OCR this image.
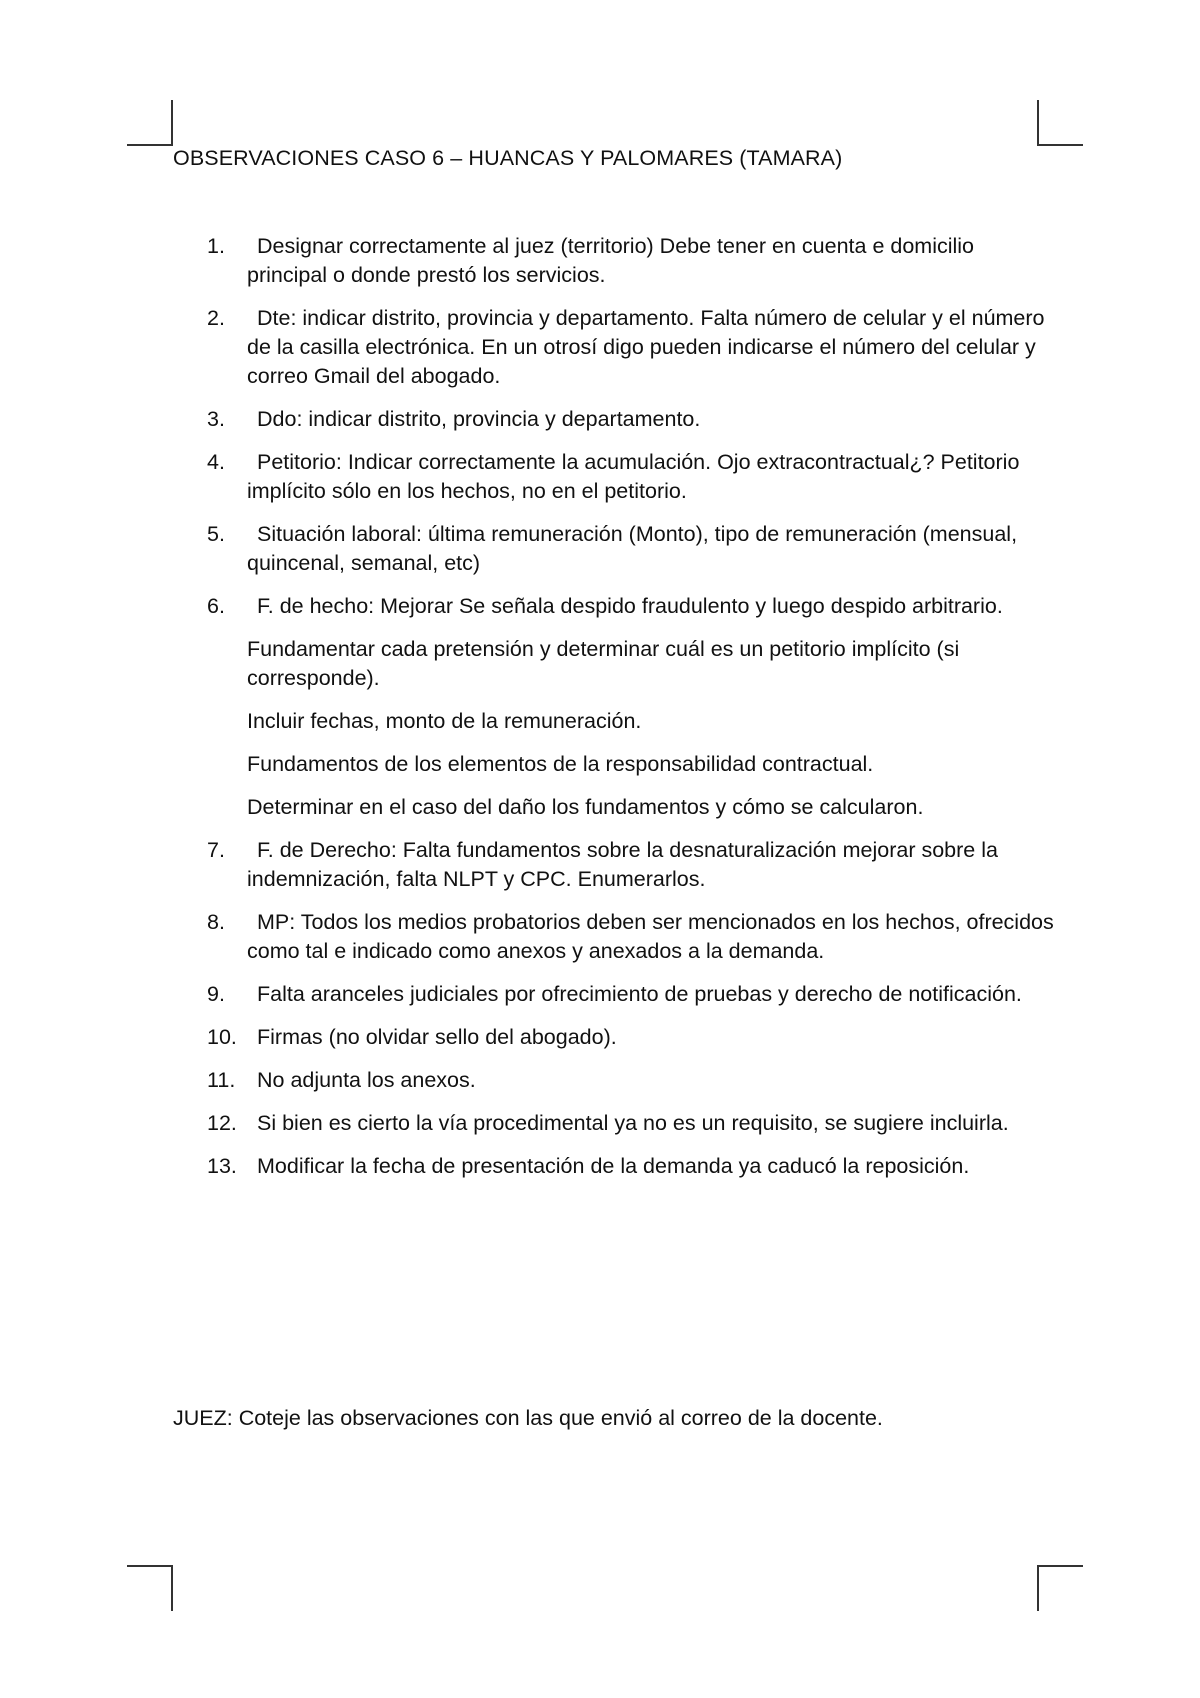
OBSERVACIONES CASO 6 – HUANCAS Y PALOMARES (TAMARA)
1. Designar correctamente al juez (territorio) Debe tener en cuenta e domicilio principal o donde prestó los servicios.
2. Dte: indicar distrito, provincia y departamento. Falta número de celular y el número de la casilla electrónica. En un otrosí digo pueden indicarse el número del celular y correo Gmail del abogado.
3. Ddo: indicar distrito, provincia y departamento.
4. Petitorio: Indicar correctamente la acumulación. Ojo extracontractual¿? Petitorio implícito sólo en los hechos, no en el petitorio.
5. Situación laboral: última remuneración (Monto), tipo de remuneración (mensual, quincenal, semanal, etc)
6. F. de hecho: Mejorar Se señala despido fraudulento y luego despido arbitrario.

Fundamentar cada pretensión y determinar cuál es un petitorio implícito (si corresponde).

Incluir fechas, monto de la remuneración.

Fundamentos de los elementos de la responsabilidad contractual.

Determinar en el caso del daño los fundamentos y cómo se calcularon.

7. F. de Derecho: Falta fundamentos sobre la desnaturalización mejorar sobre la indemnización, falta NLPT y CPC. Enumerarlos.
8. MP: Todos los medios probatorios deben ser mencionados en los hechos, ofrecidos como tal e indicado como anexos y anexados a la demanda.
9. Falta aranceles judiciales por ofrecimiento de pruebas y derecho de notificación.
10. Firmas (no olvidar sello del abogado).
11. No adjunta los anexos.
12. Si bien es cierto la vía procedimental ya no es un requisito, se sugiere incluirla.
13. Modificar la fecha de presentación de la demanda ya caducó la reposición.
JUEZ: Coteje las observaciones con las que envió al correo de la docente.
